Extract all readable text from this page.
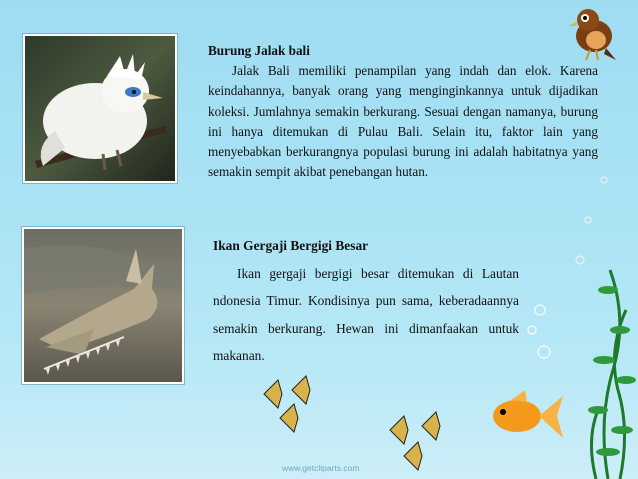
Burung Jalak bali
Jalak Bali memiliki penampilan yang indah dan elok. Karena keindahannya, banyak orang yang menginginkannya untuk dijadikan koleksi. Jumlahnya semakin berkurang. Sesuai dengan namanya, burung ini hanya ditemukan di Pulau Bali. Selain itu, faktor lain yang menyebabkan berkurangnya populasi burung ini adalah habitatnya yang semakin sempit akibat penebangan hutan.
Ikan Gergaji Bergigi Besar
Ikan gergaji bergigi besar ditemukan di Lautan ndonesia Timur. Kondisinya pun sama, keberadaannya semakin berkurang. Hewan ini dimanfaakan untuk makanan.
www.getcliparts.com
